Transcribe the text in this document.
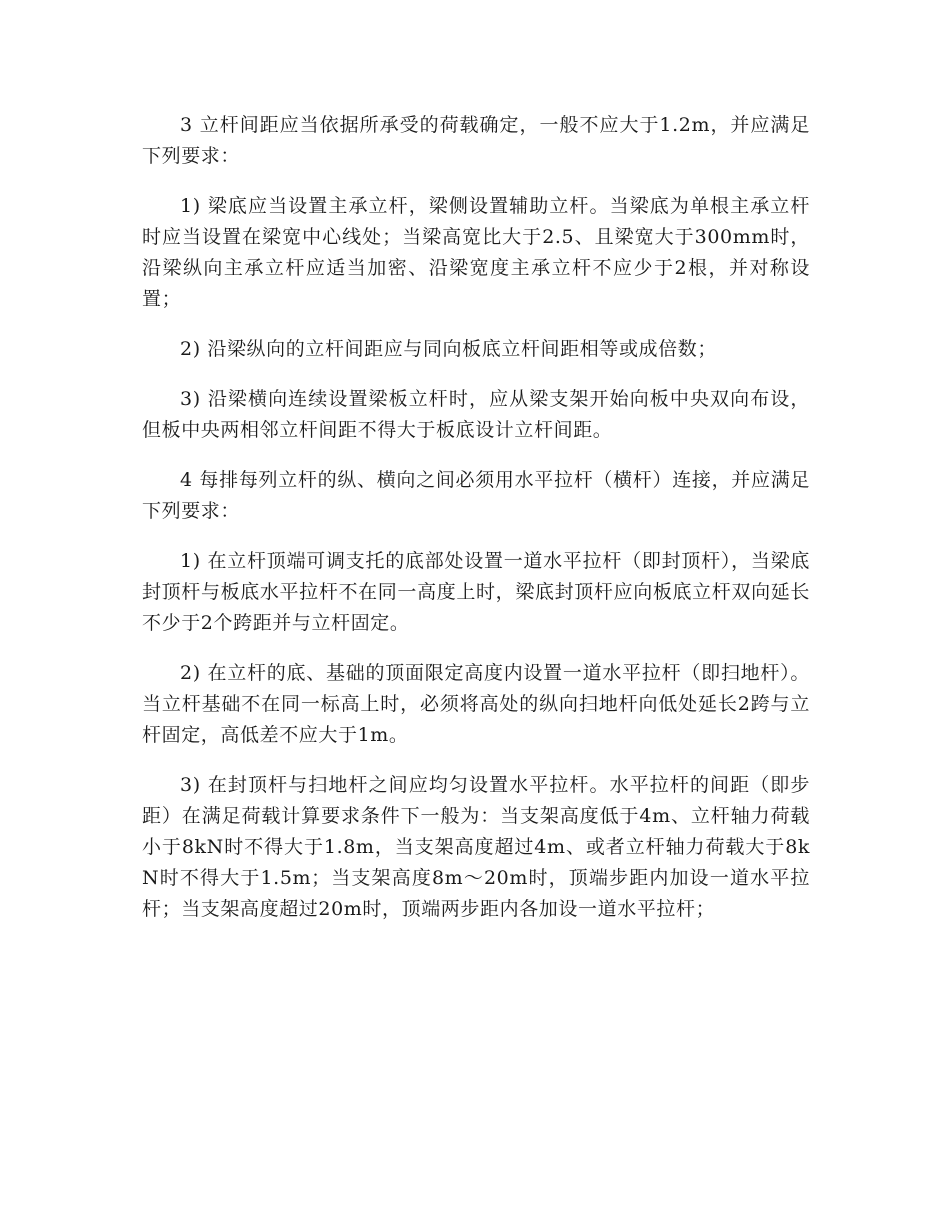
3 立杆间距应当依据所承受的荷载确定，一般不应大于1.2m，并应满足下列要求：

1) 梁底应当设置主承立杆，梁侧设置辅助立杆。当梁底为单根主承立杆时应当设置在梁宽中心线处；当梁高宽比大于2.5、且梁宽大于300mm时，沿梁纵向主承立杆应适当加密、沿梁宽度主承立杆不应少于2根，并对称设置；

2) 沿梁纵向的立杆间距应与同向板底立杆间距相等或成倍数；

3) 沿梁横向连续设置梁板立杆时，应从梁支架开始向板中央双向布设，但板中央两相邻立杆间距不得大于板底设计立杆间距。

4 每排每列立杆的纵、横向之间必须用水平拉杆（横杆）连接，并应满足下列要求：

1) 在立杆顶端可调支托的底部处设置一道水平拉杆（即封顶杆），当梁底封顶杆与板底水平拉杆不在同一高度上时，梁底封顶杆应向板底立杆双向延长不少于2个跨距并与立杆固定。

2) 在立杆的底、基础的顶面限定高度内设置一道水平拉杆（即扫地杆）。当立杆基础不在同一标高上时，必须将高处的纵向扫地杆向低处延长2跨与立杆固定，高低差不应大于1m。

3) 在封顶杆与扫地杆之间应均匀设置水平拉杆。水平拉杆的间距（即步距）在满足荷载计算要求条件下一般为：当支架高度低于4m、立杆轴力荷载小于8kN时不得大于1.8m，当支架高度超过4m、或者立杆轴力荷载大于8kN时不得大于1.5m；当支架高度8m～20m时，顶端步距内加设一道水平拉杆；当支架高度超过20m时，顶端两步距内各加设一道水平拉杆；
